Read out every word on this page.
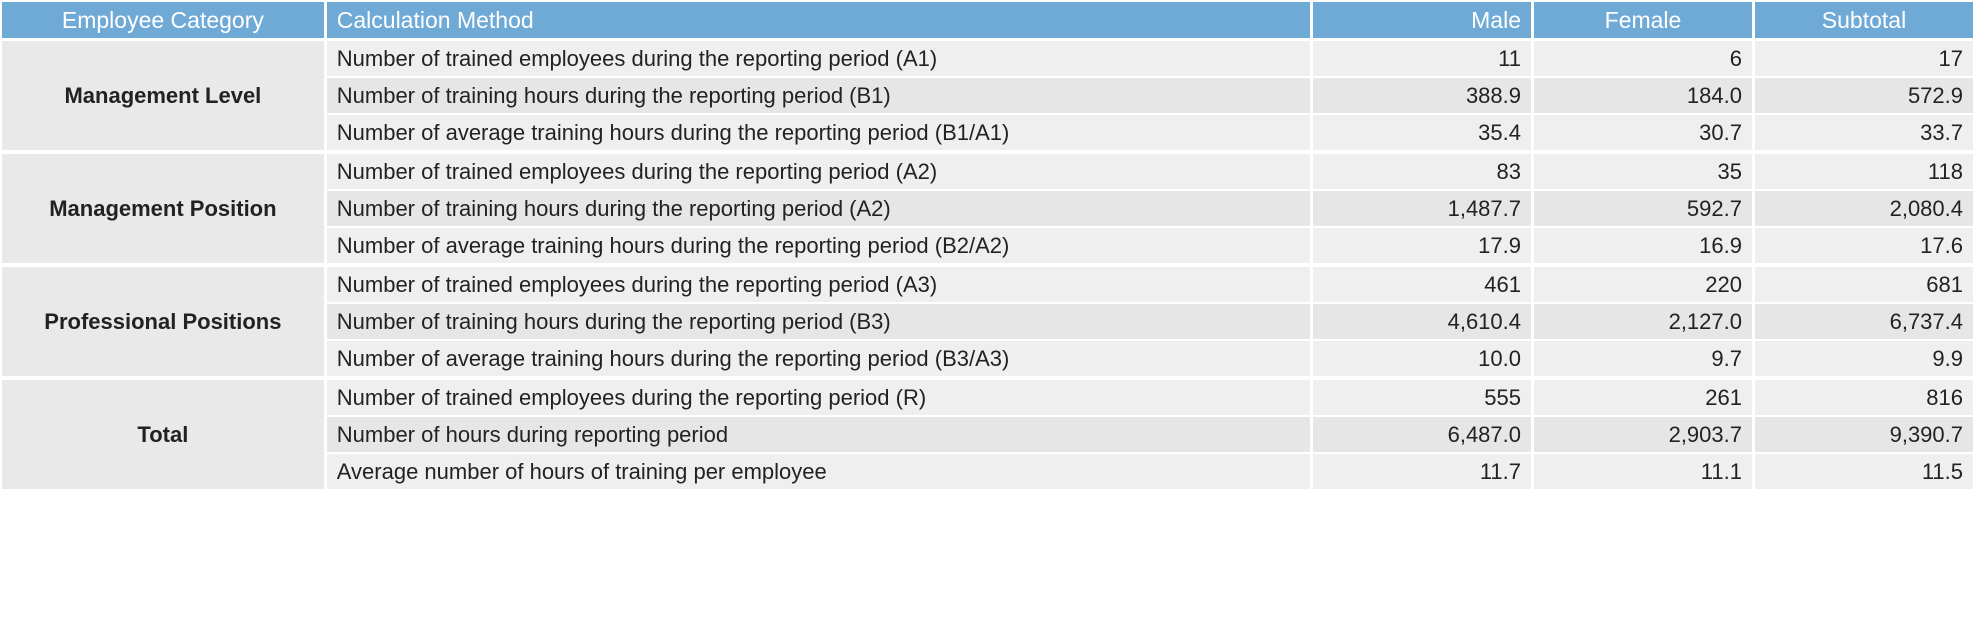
Employee Category	Calculation Method	Male	Female	Subtotal
Management Level	Number of trained employees during the reporting period (A1)	11	6	17
	Number of training hours during the reporting period (B1)	388.9	184.0	572.9
	Number of average training hours during the reporting period (B1/A1)	35.4	30.7	33.7
Management Position	Number of trained employees during the reporting period (A2)	83	35	118
	Number of training hours during the reporting period (A2)	1,487.7	592.7	2,080.4
	Number of average training hours during the reporting period (B2/A2)	17.9	16.9	17.6
Professional Positions	Number of trained employees during the reporting period (A3)	461	220	681
	Number of training hours during the reporting period (B3)	4,610.4	2,127.0	6,737.4
	Number of average training hours during the reporting period (B3/A3)	10.0	9.7	9.9
Total	Number of trained employees during the reporting period (R)	555	261	816
	Number of hours during reporting period	6,487.0	2,903.7	9,390.7
	Average number of hours of training per employee	11.7	11.1	11.5
